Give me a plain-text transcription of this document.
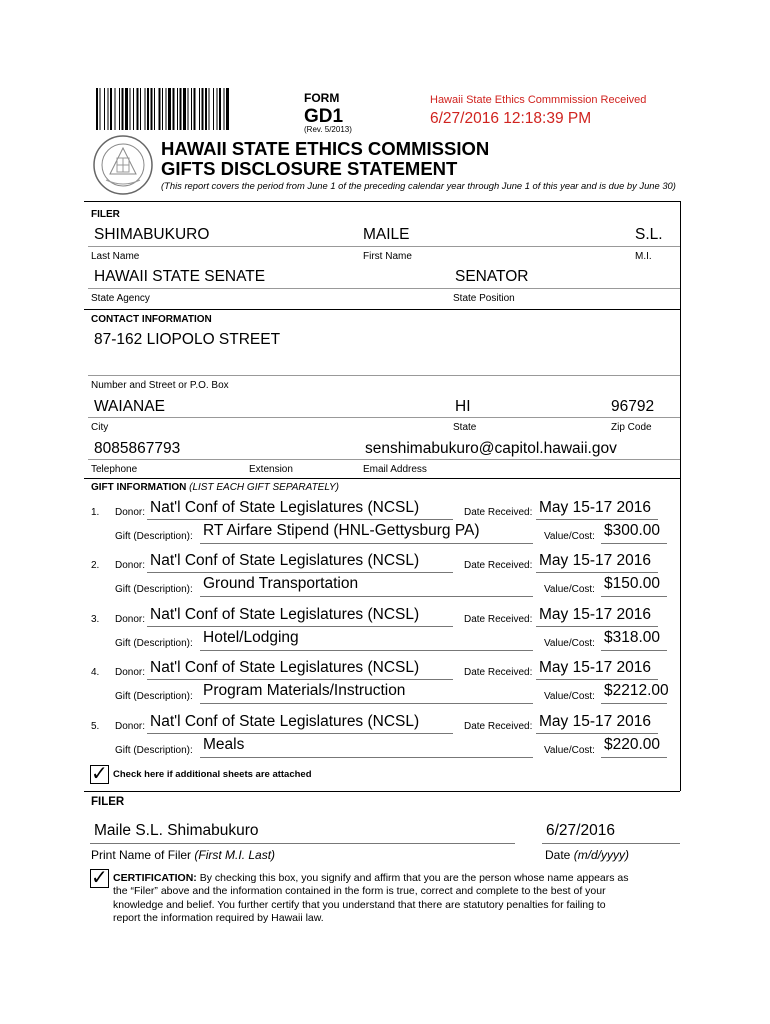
FORM
GD1
(Rev. 5/2013)
Hawaii State Ethics Commmission Received
6/27/2016 12:18:39 PM
HAWAII STATE ETHICS COMMISSION
GIFTS DISCLOSURE STATEMENT
(This report covers the period from June 1 of the preceding calendar year through June 1 of this year and is due by June 30)
FILER
SHIMABUKURO	MAILE	S.L.
Last Name	First Name	M.I.
HAWAII STATE SENATE	SENATOR
State Agency	State Position
CONTACT INFORMATION
87-162 LIOPOLO STREET
Number and Street or P.O. Box
WAIANAE	HI	96792
City	State	Zip Code
8085867793	senshimabukuro@capitol.hawaii.gov
Telephone	Extension	Email Address
GIFT INFORMATION (LIST EACH GIFT SEPARATELY)
1. Donor: Nat'l Conf of State Legislatures (NCSL)	Date Received: May 15-17 2016
Gift (Description): RT Airfare Stipend (HNL-Gettysburg PA)	Value/Cost: $300.00
2. Donor: Nat'l Conf of State Legislatures (NCSL)	Date Received: May 15-17 2016
Gift (Description): Ground Transportation	Value/Cost: $150.00
3. Donor: Nat'l Conf of State Legislatures (NCSL)	Date Received: May 15-17 2016
Gift (Description): Hotel/Lodging	Value/Cost: $318.00
4. Donor: Nat'l Conf of State Legislatures (NCSL)	Date Received: May 15-17 2016
Gift (Description): Program Materials/Instruction	Value/Cost: $2212.00
5. Donor: Nat'l Conf of State Legislatures (NCSL)	Date Received: May 15-17 2016
Gift (Description): Meals	Value/Cost: $220.00
✓ Check here if additional sheets are attached
FILER
Maile S.L. Shimabukuro	6/27/2016
Print Name of Filer (First M.I. Last)	Date (m/d/yyyy)
✓ CERTIFICATION: By checking this box, you signify and affirm that you are the person whose name appears as
the “Filer” above and the information contained in the form is true, correct and complete to the best of your
knowledge and belief. You further certify that you understand that there are statutory penalties for failing to
report the information required by Hawaii law.
